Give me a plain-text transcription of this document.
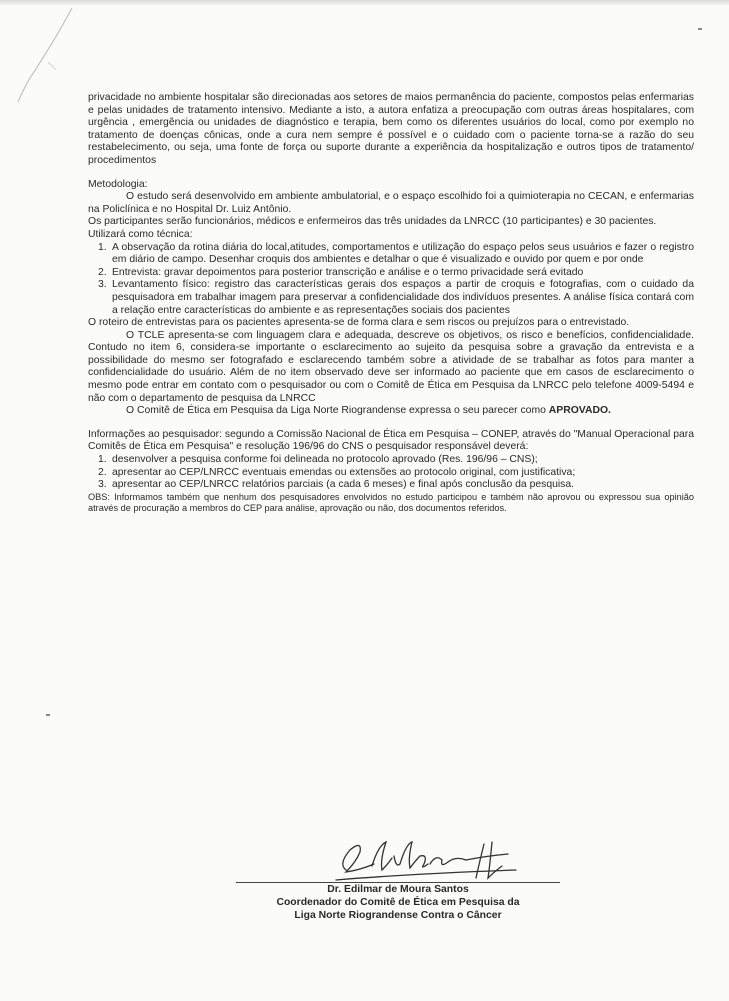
privacidade no ambiente hospitalar são direcionadas aos setores de maios permanência do paciente, compostos pelas enfermarias e pelas unidades de tratamento intensivo. Mediante a isto, a autora enfatiza a preocupação com outras áreas hospitalares, com urgência , emergência ou unidades de diagnóstico e terapia, bem como os diferentes usuários do local, como por exemplo no tratamento de doenças cônicas, onde a cura nem sempre é possível e o cuidado com o paciente torna-se a razão do seu restabelecimento, ou seja, uma fonte de força ou suporte durante a experiência da hospitalização e outros tipos de tratamento/ procedimentos

Metodologia:

O estudo será desenvolvido em ambiente ambulatorial, e o espaço escolhido foi a quimioterapia no CECAN, e enfermarias na Policlínica e no Hospital Dr. Luiz Antônio.

Os participantes serão funcionários, médicos e enfermeiros das três unidades da LNRCC (10 participantes) e 30 pacientes.

Utilizará como técnica:

1. A observação da rotina diária do local,atitudes, comportamentos e utilização do espaço pelos seus usuários e fazer o registro em diário de campo. Desenhar croquis dos ambientes e detalhar o que é visualizado e ouvido por quem e por onde
2. Entrevista: gravar depoimentos para posterior transcrição e análise e o termo privacidade será evitado
3. Levantamento físico: registro das características gerais dos espaços a partir de croquis e fotografias, com o cuidado da pesquisadora em trabalhar imagem para preservar a confidencialidade dos indivíduos presentes. A análise física contará com a relação entre características do ambiente e as representações sociais dos pacientes

O roteiro de entrevistas para os pacientes apresenta-se de forma clara e sem riscos ou prejuízos para o entrevistado.

O TCLE apresenta-se com linguagem clara e adequada, descreve os objetivos, os risco e benefícios, confidencialidade. Contudo no item 6, considera-se importante o esclarecimento ao sujeito da pesquisa sobre a gravação da entrevista e a possibilidade do mesmo ser fotografado e esclarecendo também sobre a atividade de se trabalhar as fotos para manter a confidencialidade do usuário. Além de no item observado deve ser informado ao paciente que em casos de esclarecimento o mesmo pode entrar em contato com o pesquisador ou com o Comitê de Ética em Pesquisa da LNRCC pelo telefone 4009-5494 e não com o departamento de pesquisa da LNRCC

O Comitê de Ética em Pesquisa da Liga Norte Riograndense expressa o seu parecer como APROVADO.

Informações ao pesquisador: segundo a Comissão Nacional de Ética em Pesquisa – CONEP, através do "Manual Operacional para Comitês de Ética em Pesquisa" e resolução 196/96 do CNS o pesquisador responsável deverá:

1. desenvolver a pesquisa conforme foi delineada no protocolo aprovado (Res. 196/96 – CNS);
2. apresentar ao CEP/LNRCC eventuais emendas ou extensões ao protocolo original, com justificativa;
3. apresentar ao CEP/LNRCC relatórios parciais (a cada 6 meses) e final após conclusão da pesquisa.

OBS: Informamos também que nenhum dos pesquisadores envolvidos no estudo participou e também não aprovou ou expressou sua opinião através de procuração a membros do CEP para análise, aprovação ou não, dos documentos referidos.

Dr. Edilmar de Moura Santos
Coordenador do Comitê de Ética em Pesquisa da
Liga Norte Riograndense Contra o Câncer
